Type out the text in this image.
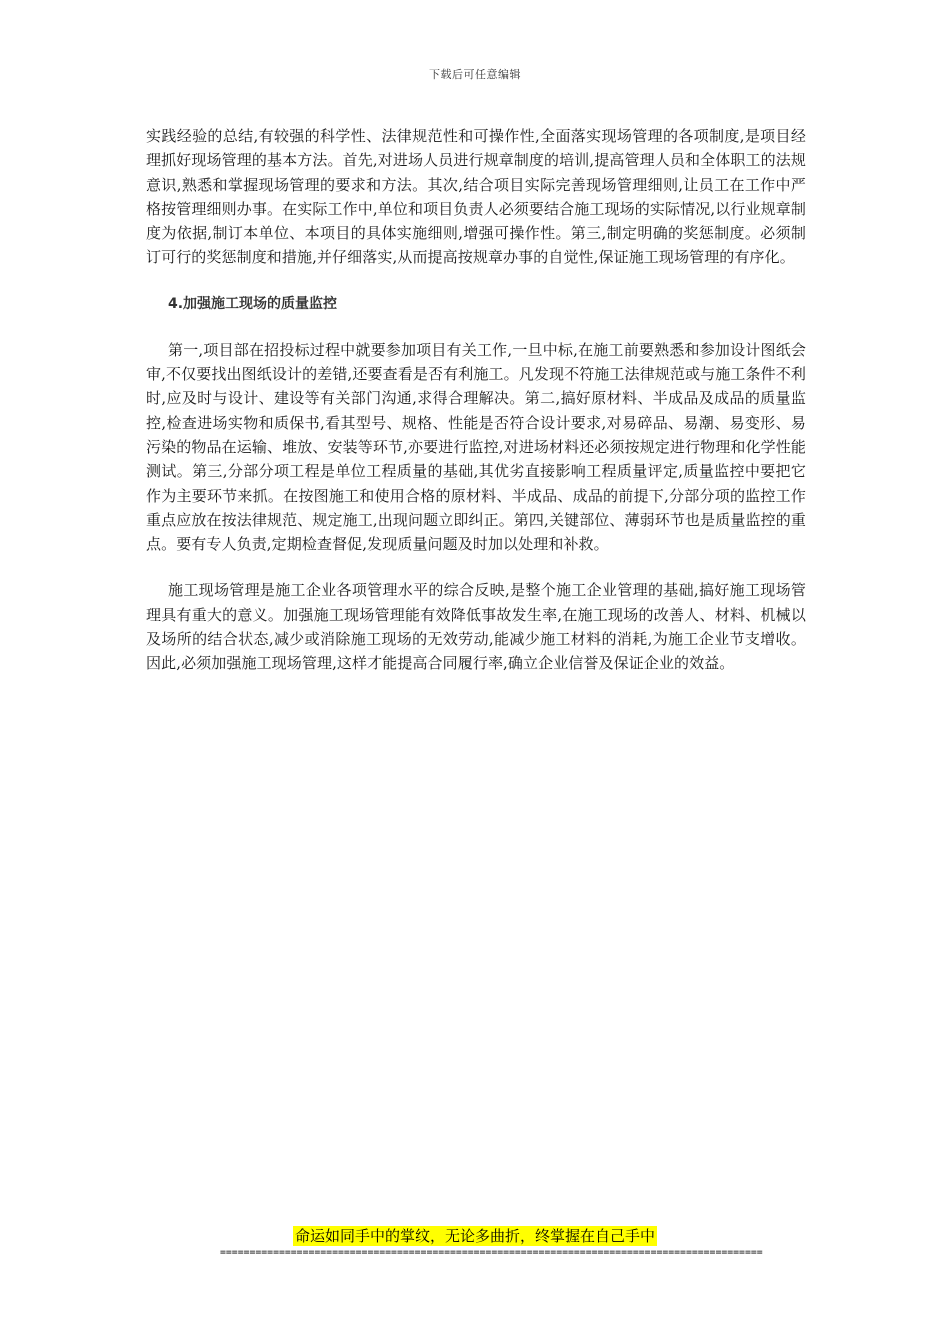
下载后可任意编辑

实践经验的总结,有较强的科学性、法律规范性和可操作性,全面落实现场管理的各项制度,是项目经理抓好现场管理的基本方法。首先,对进场人员进行规章制度的培训,提高管理人员和全体职工的法规意识,熟悉和掌握现场管理的要求和方法。其次,结合项目实际完善现场管理细则,让员工在工作中严格按管理细则办事。在实际工作中,单位和项目负责人必须要结合施工现场的实际情况,以行业规章制度为依据,制订本单位、本项目的具体实施细则,增强可操作性。第三,制定明确的奖惩制度。必须制订可行的奖惩制度和措施,并仔细落实,从而提高按规章办事的自觉性,保证施工现场管理的有序化。

4.加强施工现场的质量监控

第一,项目部在招投标过程中就要参加项目有关工作,一旦中标,在施工前要熟悉和参加设计图纸会审,不仅要找出图纸设计的差错,还要查看是否有利施工。凡发现不符施工法律规范或与施工条件不利时,应及时与设计、建设等有关部门沟通,求得合理解决。第二,搞好原材料、半成品及成品的质量监控,检查进场实物和质保书,看其型号、规格、性能是否符合设计要求,对易碎品、易潮、易变形、易污染的物品在运输、堆放、安装等环节,亦要进行监控,对进场材料还必须按规定进行物理和化学性能测试。第三,分部分项工程是单位工程质量的基础,其优劣直接影响工程质量评定,质量监控中要把它作为主要环节来抓。在按图施工和使用合格的原材料、半成品、成品的前提下,分部分项的监控工作重点应放在按法律规范、规定施工,出现问题立即纠正。第四,关键部位、薄弱环节也是质量监控的重点。要有专人负责,定期检查督促,发现质量问题及时加以处理和补救。

施工现场管理是施工企业各项管理水平的综合反映,是整个施工企业管理的基础,搞好施工现场管理具有重大的意义。加强施工现场管理能有效降低事故发生率,在施工现场的改善人、材料、机械以及场所的结合状态,减少或消除施工现场的无效劳动,能减少施工材料的消耗,为施工企业节支增收。因此,必须加强施工现场管理,这样才能提高合同履行率,确立企业信誉及保证企业的效益。

命运如同手中的掌纹，无论多曲折，终掌握在自己手中
============================================================================================
